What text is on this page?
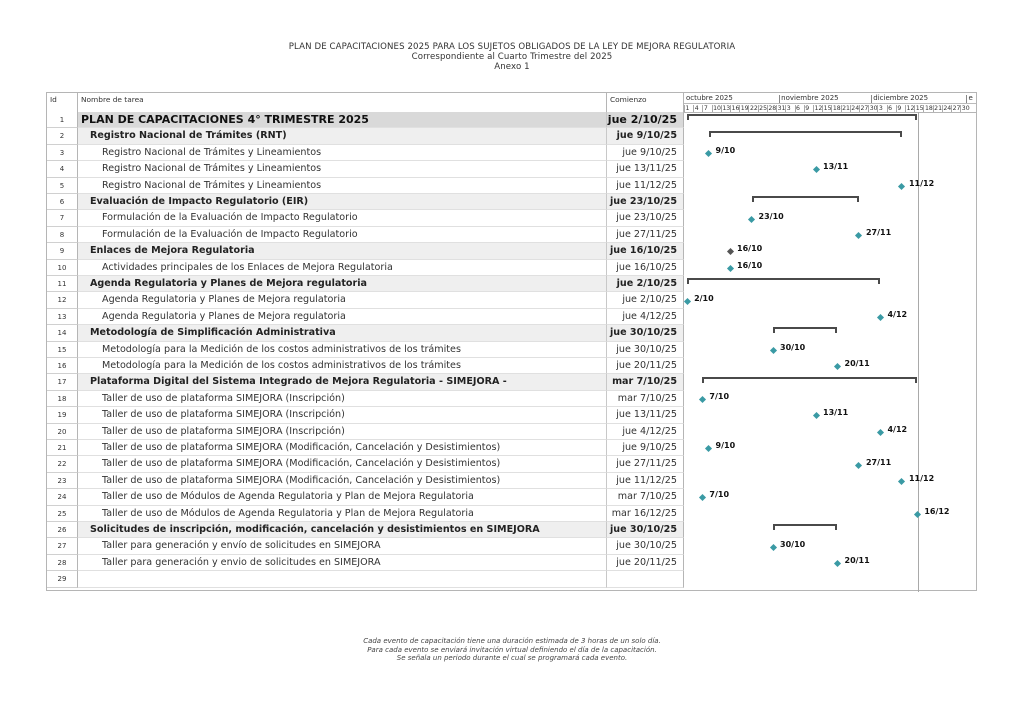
PLAN DE CAPACITACIONES 2025 PARA LOS SUJETOS OBLIGADOS DE LA LEY DE MEJORA REGULATORIA
Correspondiente al Cuarto Trimestre del 2025
Anexo 1
Id	Nombre de tarea	Comienzo
1 4 7 10 13 16 19 22 25 28 31 3 6 9 12 15 18 21 24 27 30 3 6 9 12 15 18 21 24 27 30
octubre 2025	noviembre 2025	diciembre 2025	e
1	PLAN DE CAPACITACIONES 4° TRIMESTRE 2025	jue 2/10/25
2	Registro Nacional de Trámites (RNT)	jue 9/10/25
3	Registro Nacional de Trámites y Lineamientos	jue 9/10/25
4	Registro Nacional de Trámites y Lineamientos	jue 13/11/25
5	Registro Nacional de Trámites y Lineamientos	jue 11/12/25
6	Evaluación de Impacto Regulatorio (EIR)	jue 23/10/25
7	Formulación de la Evaluación de Impacto Regulatorio	jue 23/10/25
8	Formulación de la Evaluación de Impacto Regulatorio	jue 27/11/25
9	Enlaces de Mejora Regulatoria	jue 16/10/25
10	Actividades principales de los Enlaces de Mejora Regulatoria	jue 16/10/25
11	Agenda Regulatoria y Planes de Mejora regulatoria	jue 2/10/25
12	Agenda Regulatoria y Planes de Mejora regulatoria	jue 2/10/25
13	Agenda Regulatoria y Planes de Mejora regulatoria	jue 4/12/25
14	Metodología de Simplificación Administrativa	jue 30/10/25
15	Metodología para la Medición de los costos administrativos de los trámites	jue 30/10/25
16	Metodología para la Medición de los costos administrativos de los trámites	jue 20/11/25
17	Plataforma Digital del Sistema Integrado de Mejora Regulatoria - SIMEJORA -	mar 7/10/25
18	Taller de uso de plataforma SIMEJORA (Inscripción)	mar 7/10/25
19	Taller de uso de plataforma SIMEJORA (Inscripción)	jue 13/11/25
20	Taller de uso de plataforma SIMEJORA (Inscripción)	jue 4/12/25
21	Taller de uso de plataforma SIMEJORA (Modificación, Cancelación y Desistimientos)	jue 9/10/25
22	Taller de uso de plataforma SIMEJORA (Modificación, Cancelación y Desistimientos)	jue 27/11/25
23	Taller de uso de plataforma SIMEJORA (Modificación, Cancelación y Desistimientos)	jue 11/12/25
24	Taller de uso de Módulos de Agenda Regulatoria y Plan de Mejora Regulatoria	mar 7/10/25
25	Taller de uso de Módulos de Agenda Regulatoria y Plan de Mejora Regulatoria	mar 16/12/25
26	Solicitudes de inscripción, modificación, cancelación y desistimientos en SIMEJORA	jue 30/10/25
27	Taller para generación y envío de solicitudes en SIMEJORA	jue 30/10/25
28	Taller para generación y envio de solicitudes en SIMEJORA	jue 20/11/25
29
9/10
13/11
11/12
23/10
27/11
16/10
16/10
2/10
4/12
30/10
20/11
7/10
13/11
4/12
9/10
27/11
11/12
7/10
16/12
30/10
20/11
Cada evento de capacitación tiene una duración estimada de 3 horas de un solo día.
Para cada evento se enviará invitación virtual definiendo el día de la capacitación.
Se señala un periodo durante el cual se programará cada evento.
